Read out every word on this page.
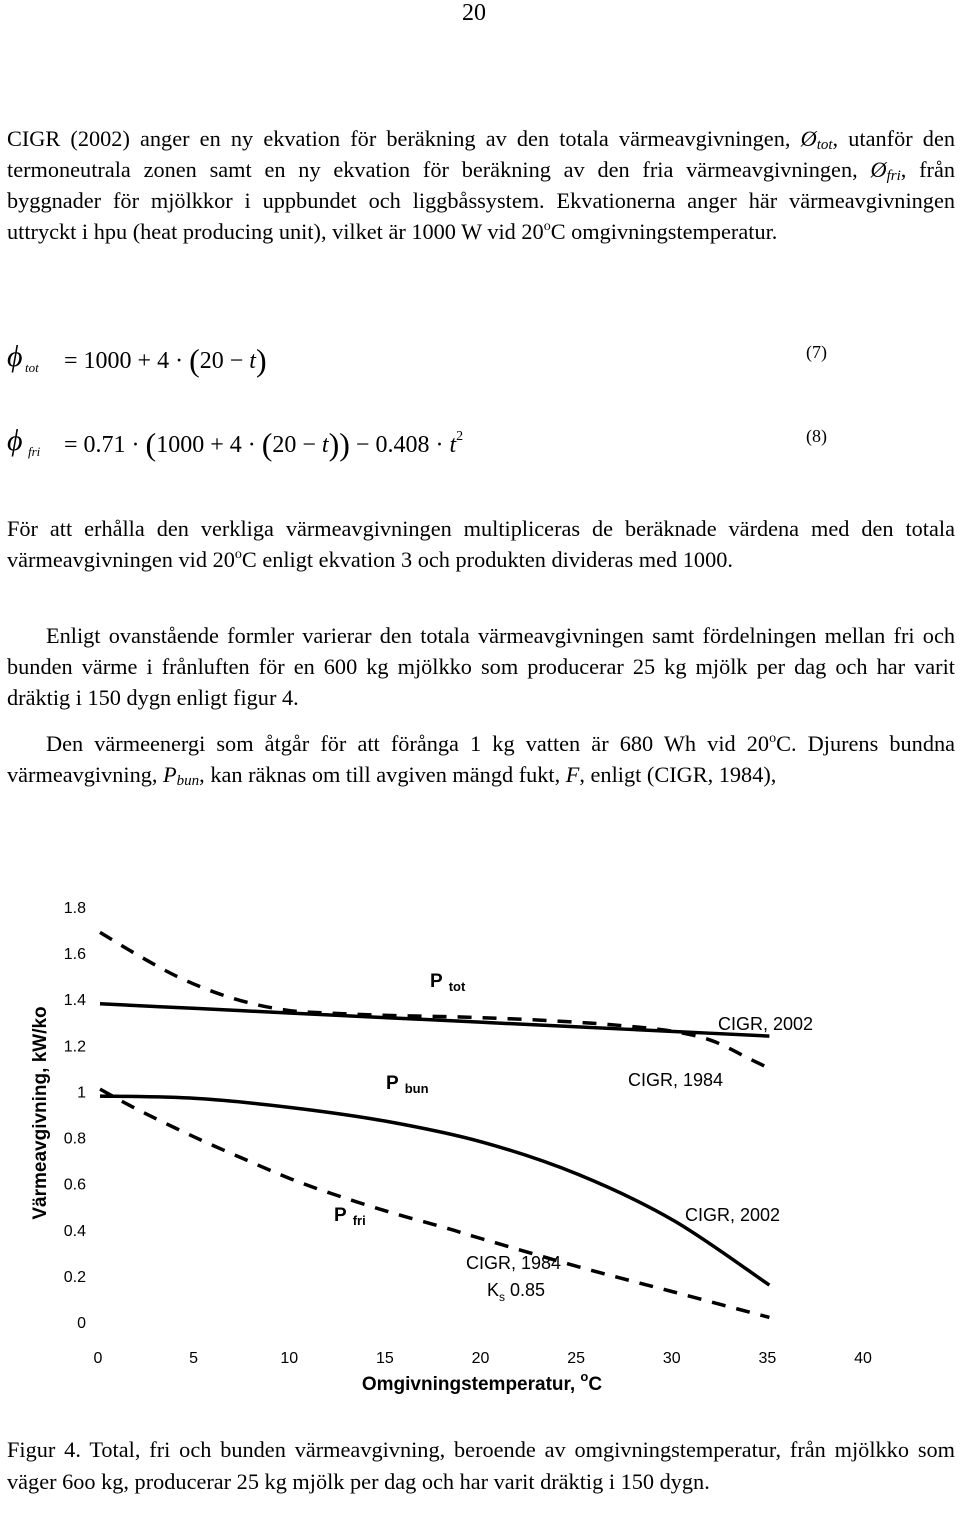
20
CIGR (2002) anger en ny ekvation för beräkning av den totala värmeavgivningen, $Ø_{tot}$, utanför den termoneutrala zonen samt en ny ekvation för beräkning av den fria värmeavgivningen, $Ø_{fri}$, från byggnader för mjölkkor i uppbundet och liggbåssystem. Ekvationerna anger här värmeavgivningen uttryckt i hpu (heat producing unit), vilket är 1000 W vid 20$^o$C omgivningstemperatur.
ϕ tot = 1000 + 4 · (20 − t)	(7)
ϕ fri = $0.71 \cdot (1000 + 4 \cdot (20 - t)) - 0.408 \cdot t^2$	(8)
För att erhålla den verkliga värmeavgivningen multipliceras de beräknade värdena med den totala värmeavgivningen vid 20$^o$C enligt ekvation 3 och produkten divideras med 1000.
Enligt ovanstående formler varierar den totala värmeavgivningen samt fördelningen mellan fri och bunden värme i frånluften för en 600 kg mjölkko som producerar 25 kg mjölk per dag och har varit dräktig i 150 dygn enligt figur 4.
Den värmeenergi som åtgår för att förånga 1 kg vatten är 680 Wh vid 20$^o$C. Djurens bundna värmeavgivning, $P_{bun}$, kan räknas om till avgiven mängd fukt, F, enligt (CIGR, 1984),
0
0.2
0.4
0.6
0.8
1
1.2
1.4
1.6
1.8
0	5	10	15	20	25	30	35	40
Värmeavgivning, kW/ko
Omgivningstemperatur, $^o$C
P $_{tot}$
P $_{bun}$
P $_{fri}$
CIGR, 2002
CIGR, 1984
CIGR, 2002
CIGR, 1984
$K_s$ 0.85
Figur 4. Total, fri och bunden värmeavgivning, beroende av omgivningstemperatur, från mjölkko som väger 6oo kg, producerar 25 kg mjölk per dag och har varit dräktig i 150 dygn.
